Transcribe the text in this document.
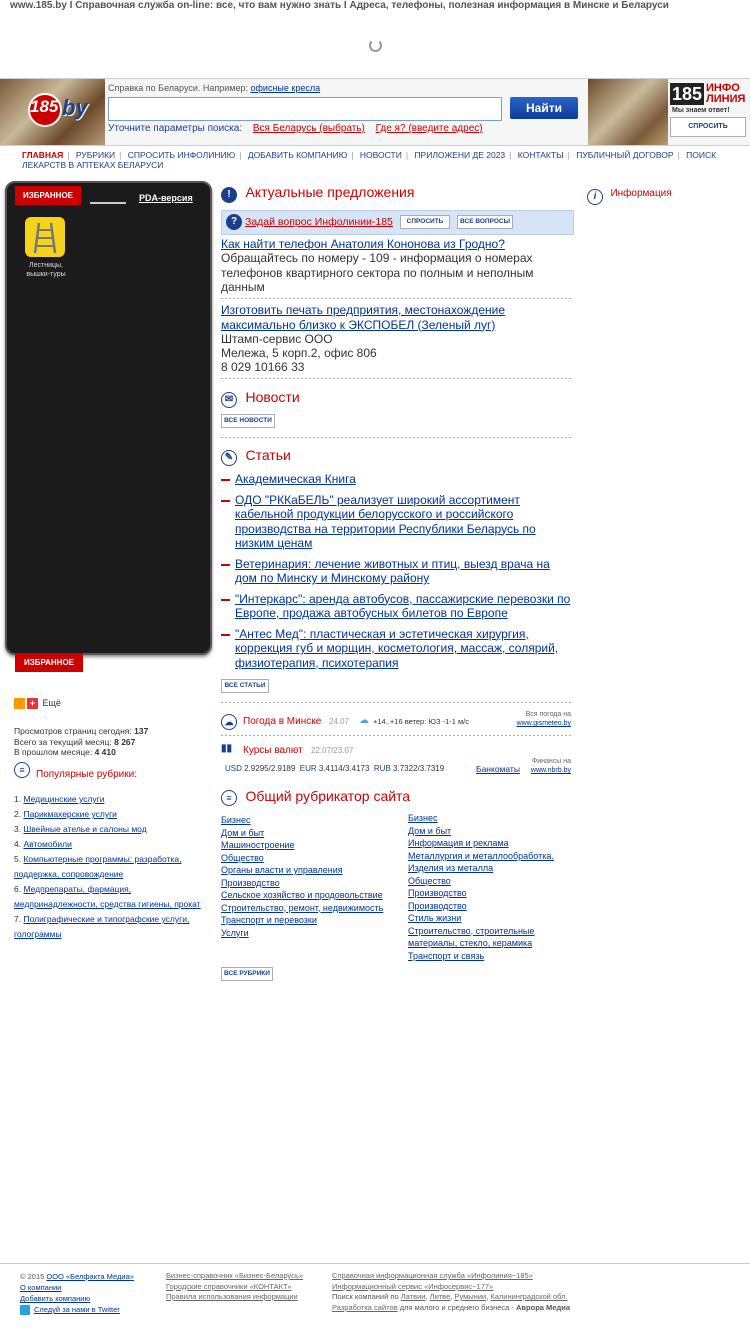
www.185.by I Справочная служба on-line: все, что вам нужно знать I Адреса, телефоны, полезная информация в Минске и Беларуси
185 by
Справка по Беларуси. Например: офисные кресла
Найти
Уточните параметры поиска: Вся Беларусь (выбрать) Где я? (введите адрес)
185 ИНФО ЛИНИЯ
Мы знаем ответ!
СПРОСИТЬ
ГЛАВНАЯ | РУБРИКИ | СПРОСИТЬ ИНФОЛИНИЮ | ДОБАВИТЬ КОМПАНИЮ | НОВОСТИ | ПРИЛОЖЕНИ ДЕ 2023 | КОНТАКТЫ | ПУБЛИЧНЫЙ ДОГОВОР | ПОИСК ЛЕКАРСТВ В АПТЕКАХ БЕЛАРУСИ
ИЗБРАННОЕ	PDA-версия
Лестницы, вышки-туры
ИЗБРАННОЕ
+ Ещё
Просмотров страниц сегодня: 137
Всего за текущий месяц: 8 267
В прошлом месяце: 4 410
≡	Популярные рубрики:
1. Медицинские услуги
2. Парикмахерские услуги
3. Швейные ателье и салоны мод
4. Автомобили
5. Компьютерные программы: разработка, поддержка, сопровождение
6. Медпрепараты, фармация, медпринадлежности, средства гигиены, прокат
7. Полиграфические и типографские услуги, гологрaммы
! Актуальные предложения
? Задай вопрос Инфолинии-185	СПРОСИТЬ	ВСЕ ВОПРОСЫ
Как найти телефон Анатолия Кононова из Гродно?
Обращайтесь по номеру - 109 - информация о номерах телефонов квартирного сектора по полным и неполным данным
Изготовить печать предприятия, местонахождение максимально близко к ЭКСПОБЕЛ (Зеленый луг)
Штамп-сервис ООО
Mележа, 5 корп.2, офис 806
8 029 10166 33
✉ Новости
ВСЕ НОВОСТИ
✎ Статьи
Академическая Книга
ОДО "РККаБЕЛЬ" реализует широкий ассортимент кабельной продукции белорусского и российского производства на территории Республики Беларусь по низким ценам
Ветеринария: лечение животных и птиц, выезд врача на дом по Минску и Минскому району
"Интеркарс": аренда автобусов, пассажирские перевозки по Европе, продажа автобусных билетов по Европе
"Антес Мед": пластическая и эстетическая хирургия, коррекция губ и морщин, косметология, массаж, солярий, физиотерапия, психотерапия
ВСЕ СТАТЬИ
☁ Погода в Минске 24.07 ☁ +14..+16 ветер: ЮЗ -1-1 м/с
Вся погода на
www.gismeteo.by
▮▮ Курсы валют 22.07/23.07
USD 2.9295/2.9189 EUR 3.4114/3.4173 RUB 3.7322/3.7319	Банкоматы
Финансы на
www.nbrb.by
≡ Общий рубрикатор сайта
Бизнес
Дом и быт
Машиностроение
Общество
Органы власти и управления
Производство
Сельское хозяйство и продовольствие
Строительство, ремонт, недвижимость
Транспорт и перевозки
Услуги
Бизнес
Дом и быт
Информация и реклама
Металлургия и металлообработка. Изделия из металла
Общество
Производство
Производство
Стиль жизни
Строительство, строительные материалы, стекло, керамика
Транспорт и связь
ВСЕ РУБРИКИ
i $^{Информация}$
© 2015 ООО «Белфакта Медиа»
О компании
Добавить компанию
Следуй за нами в Twitter
Бизнес-справочник «Бизнес-Беларусь»
Городские справочники «КОНТАКТ»
Правила использования информации
Справочная информационная служба «Инфолиния−185»
Информационный сервис «Инфосервис−177»
Поиск компаний по Латвии, Литве, Румынии, Калининградской обл.
Разработка сайтов для малого и среднего бизнеса - Аврора Медиа
